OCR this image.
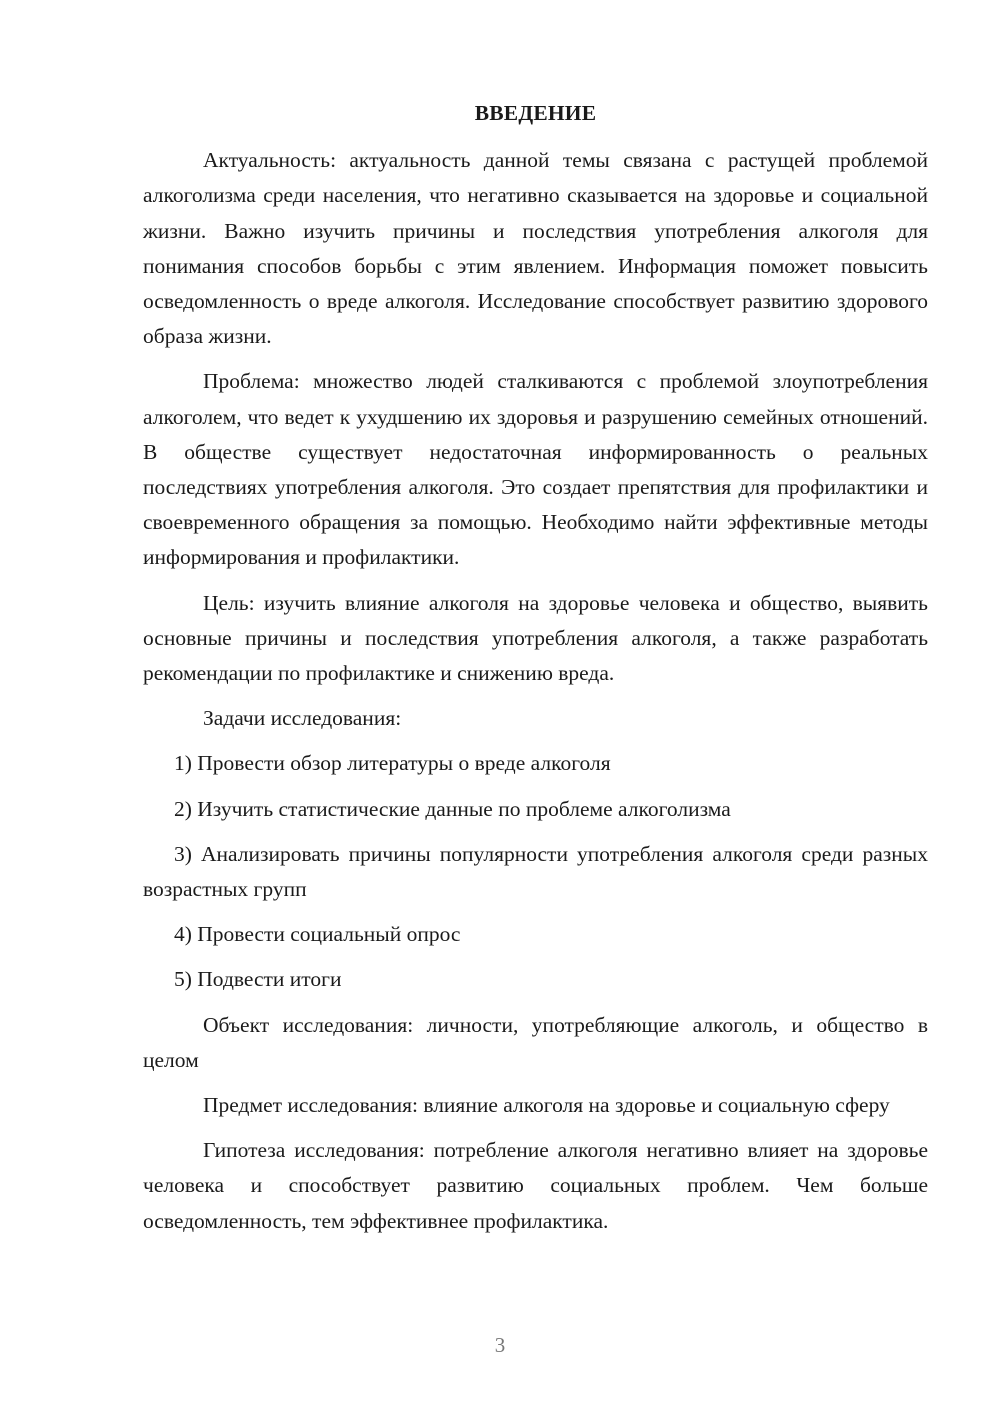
ВВЕДЕНИЕ

Актуальность: актуальность данной темы связана с растущей проблемой алкоголизма среди населения, что негативно сказывается на здоровье и социальной жизни. Важно изучить причины и последствия употребления алкоголя для понимания способов борьбы с этим явлением. Информация поможет повысить осведомленность о вреде алкоголя. Исследование способствует развитию здорового образа жизни.

Проблема: множество людей сталкиваются с проблемой злоупотребления алкоголем, что ведет к ухудшению их здоровья и разрушению семейных отношений. В обществе существует недостаточная информированность о реальных последствиях употребления алкоголя. Это создает препятствия для профилактики и своевременного обращения за помощью. Необходимо найти эффективные методы информирования и профилактики.

Цель: изучить влияние алкоголя на здоровье человека и общество, выявить основные причины и последствия употребления алкоголя, а также разработать рекомендации по профилактике и снижению вреда.

Задачи исследования:

1) Провести обзор литературы о вреде алкоголя

2) Изучить статистические данные по проблеме алкоголизма

3) Анализировать причины популярности употребления алкоголя среди разных возрастных групп

4) Провести социальный опрос

5) Подвести итоги

Объект исследования: личности, употребляющие алкоголь, и общество в целом

Предмет исследования: влияние алкоголя на здоровье и социальную сферу

Гипотеза исследования: потребление алкоголя негативно влияет на здоровье человека и способствует развитию социальных проблем. Чем больше осведомленность, тем эффективнее профилактика.

3
